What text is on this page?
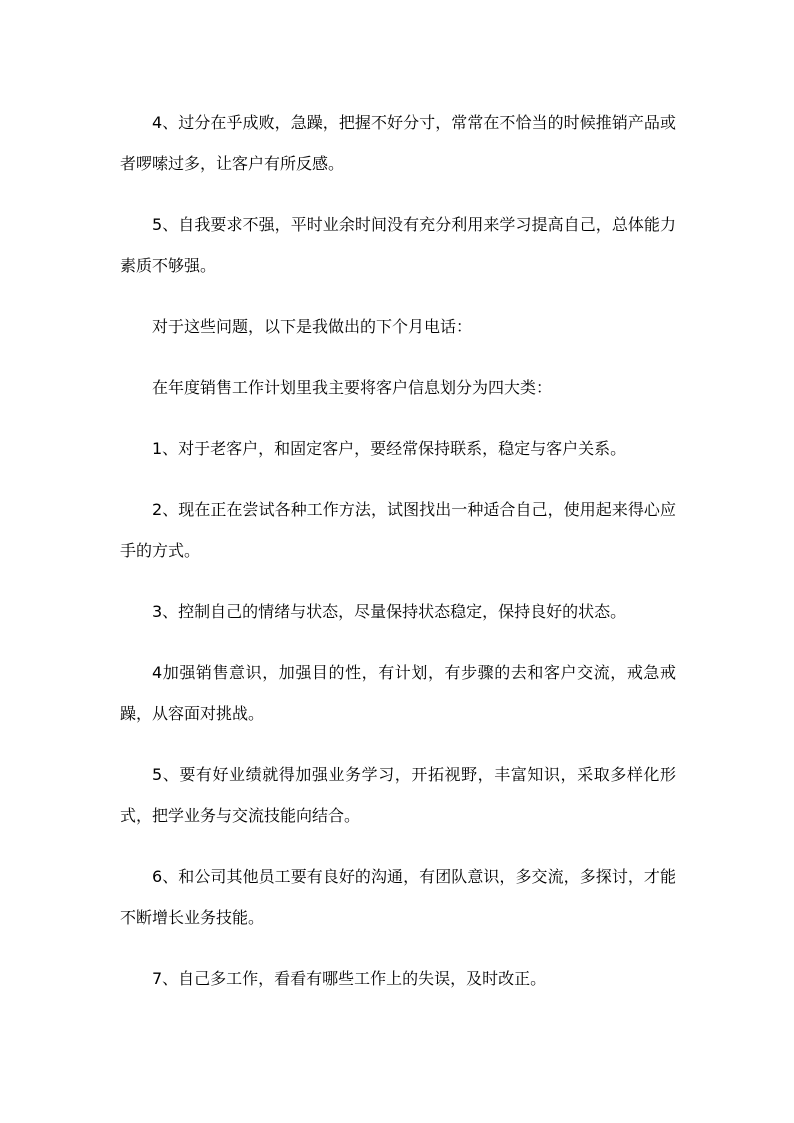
4、过分在乎成败，急躁，把握不好分寸，常常在不恰当的时候推销产品或者啰嗦过多，让客户有所反感。

5、自我要求不强，平时业余时间没有充分利用来学习提高自己，总体能力素质不够强。

对于这些问题，以下是我做出的下个月电话：

在年度销售工作计划里我主要将客户信息划分为四大类：

1、对于老客户，和固定客户，要经常保持联系，稳定与客户关系。

2、现在正在尝试各种工作方法，试图找出一种适合自己，使用起来得心应手的方式。

3、控制自己的情绪与状态，尽量保持状态稳定，保持良好的状态。

4加强销售意识，加强目的性，有计划，有步骤的去和客户交流，戒急戒躁，从容面对挑战。

5、要有好业绩就得加强业务学习，开拓视野，丰富知识，采取多样化形式，把学业务与交流技能向结合。

6、和公司其他员工要有良好的沟通，有团队意识，多交流，多探讨，才能不断增长业务技能。

7、自己多工作，看看有哪些工作上的失误，及时改正。
